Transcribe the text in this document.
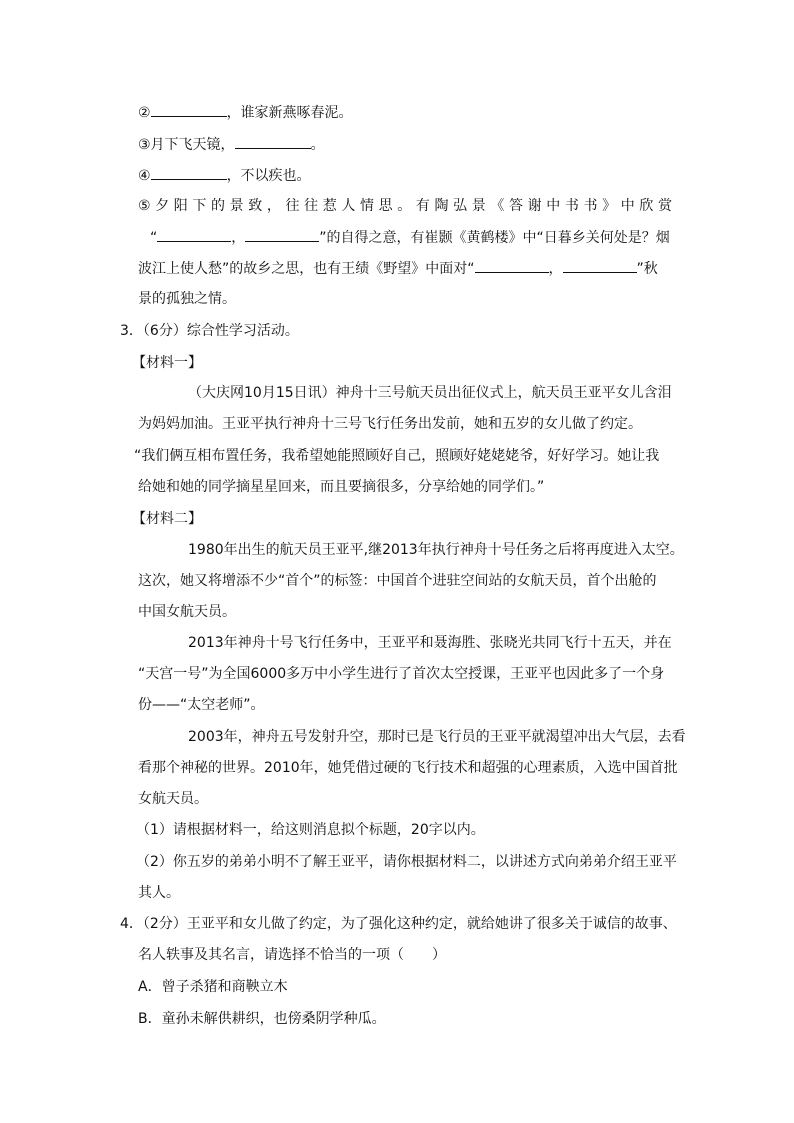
②	，谁家新燕啄春泥。
③月下飞天镜，	。
④	，不以疾也。
⑤夕阳下的景致，往往惹人情思。有陶弘景《答谢中书书》中欣赏
“	，	”的自得之意，有崔颢《黄鹤楼》中“日暮乡关何处是？烟
波江上使人愁”的故乡之思，也有王绩《野望》中面对“	，	”秋
景的孤独之情。
3．（6分）综合性学习活动。
【材料一】
（大庆网10月15日讯）神舟十三号航天员出征仪式上，航天员王亚平女儿含泪
为妈妈加油。王亚平执行神舟十三号飞行任务出发前，她和五岁的女儿做了约定。
“我们俩互相布置任务，我希望她能照顾好自己，照顾好姥姥姥爷，好好学习。她让我
给她和她的同学摘星星回来，而且要摘很多，分享给她的同学们。”
【材料二】
1980年出生的航天员王亚平,继2013年执行神舟十号任务之后将再度进入太空。
这次，她又将增添不少“首个”的标签：中国首个进驻空间站的女航天员，首个出舱的
中国女航天员。
2013年神舟十号飞行任务中，王亚平和聂海胜、张晓光共同飞行十五天，并在
“天宫一号”为全国6000多万中小学生进行了首次太空授课，王亚平也因此多了一个身
份——“太空老师”。
2003年，神舟五号发射升空，那时已是飞行员的王亚平就渴望冲出大气层，去看
看那个神秘的世界。2010年，她凭借过硬的飞行技术和超强的心理素质，入选中国首批
女航天员。
（1）请根据材料一，给这则消息拟个标题，20字以内。
（2）你五岁的弟弟小明不了解王亚平，请你根据材料二，以讲述方式向弟弟介绍王亚平
其人。
4．（2分）王亚平和女儿做了约定，为了强化这种约定，就给她讲了很多关于诚信的故事、
名人轶事及其名言，请选择不恰当的一项（　　）
A．曾子杀猪和商鞅立木
B．童孙未解供耕织，也傍桑阴学种瓜。
